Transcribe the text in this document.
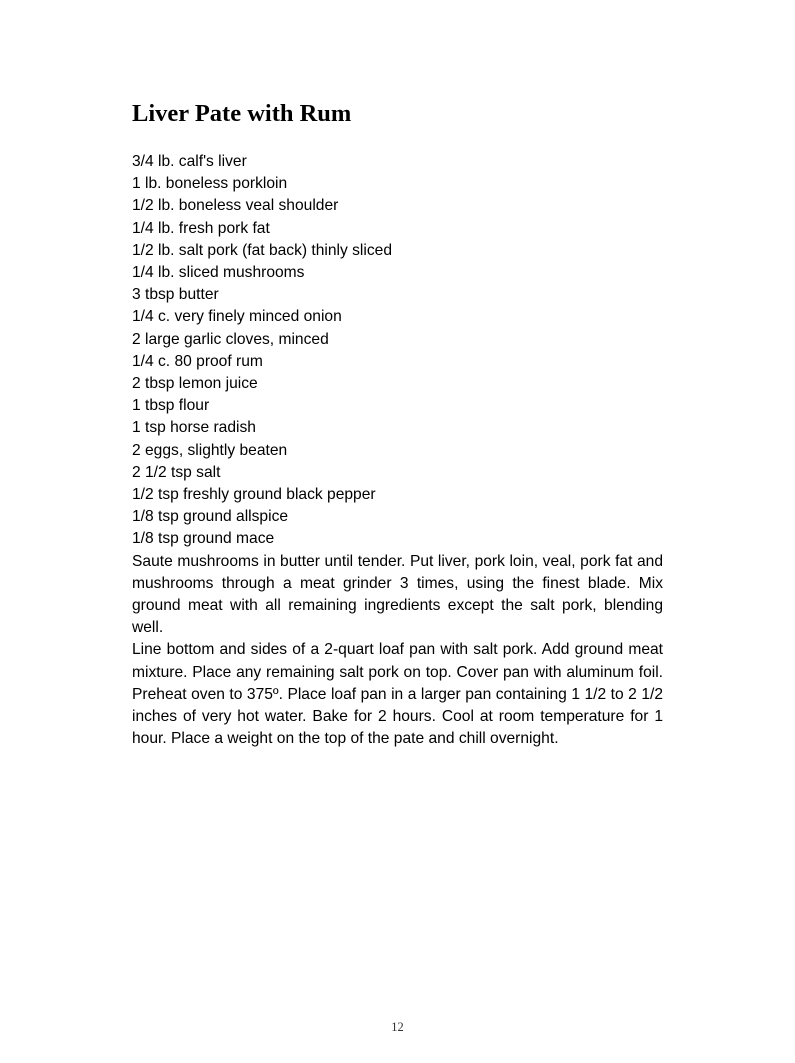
Liver Pate with Rum
3/4 lb. calf's liver
1 lb. boneless porkloin
1/2 lb. boneless veal shoulder
1/4 lb. fresh pork fat
1/2 lb. salt pork (fat back) thinly sliced
1/4 lb. sliced mushrooms
3 tbsp butter
1/4 c. very finely minced onion
2 large garlic cloves, minced
1/4 c. 80 proof rum
2 tbsp lemon juice
1 tbsp flour
1 tsp horse radish
2 eggs, slightly beaten
2 1/2 tsp salt
1/2 tsp freshly ground black pepper
1/8 tsp ground allspice
1/8 tsp ground mace

Saute mushrooms in butter until tender. Put liver, pork loin, veal, pork fat and mushrooms through a meat grinder 3 times, using the finest blade. Mix ground meat with all remaining ingredients except the salt pork, blending well.

Line bottom and sides of a 2-quart loaf pan with salt pork. Add ground meat mixture. Place any remaining salt pork on top. Cover pan with aluminum foil. Preheat oven to 375º. Place loaf pan in a larger pan containing 1 1/2 to 2 1/2 inches of very hot water. Bake for 2 hours. Cool at room temperature for 1 hour. Place a weight on the top of the pate and chill overnight.

12
